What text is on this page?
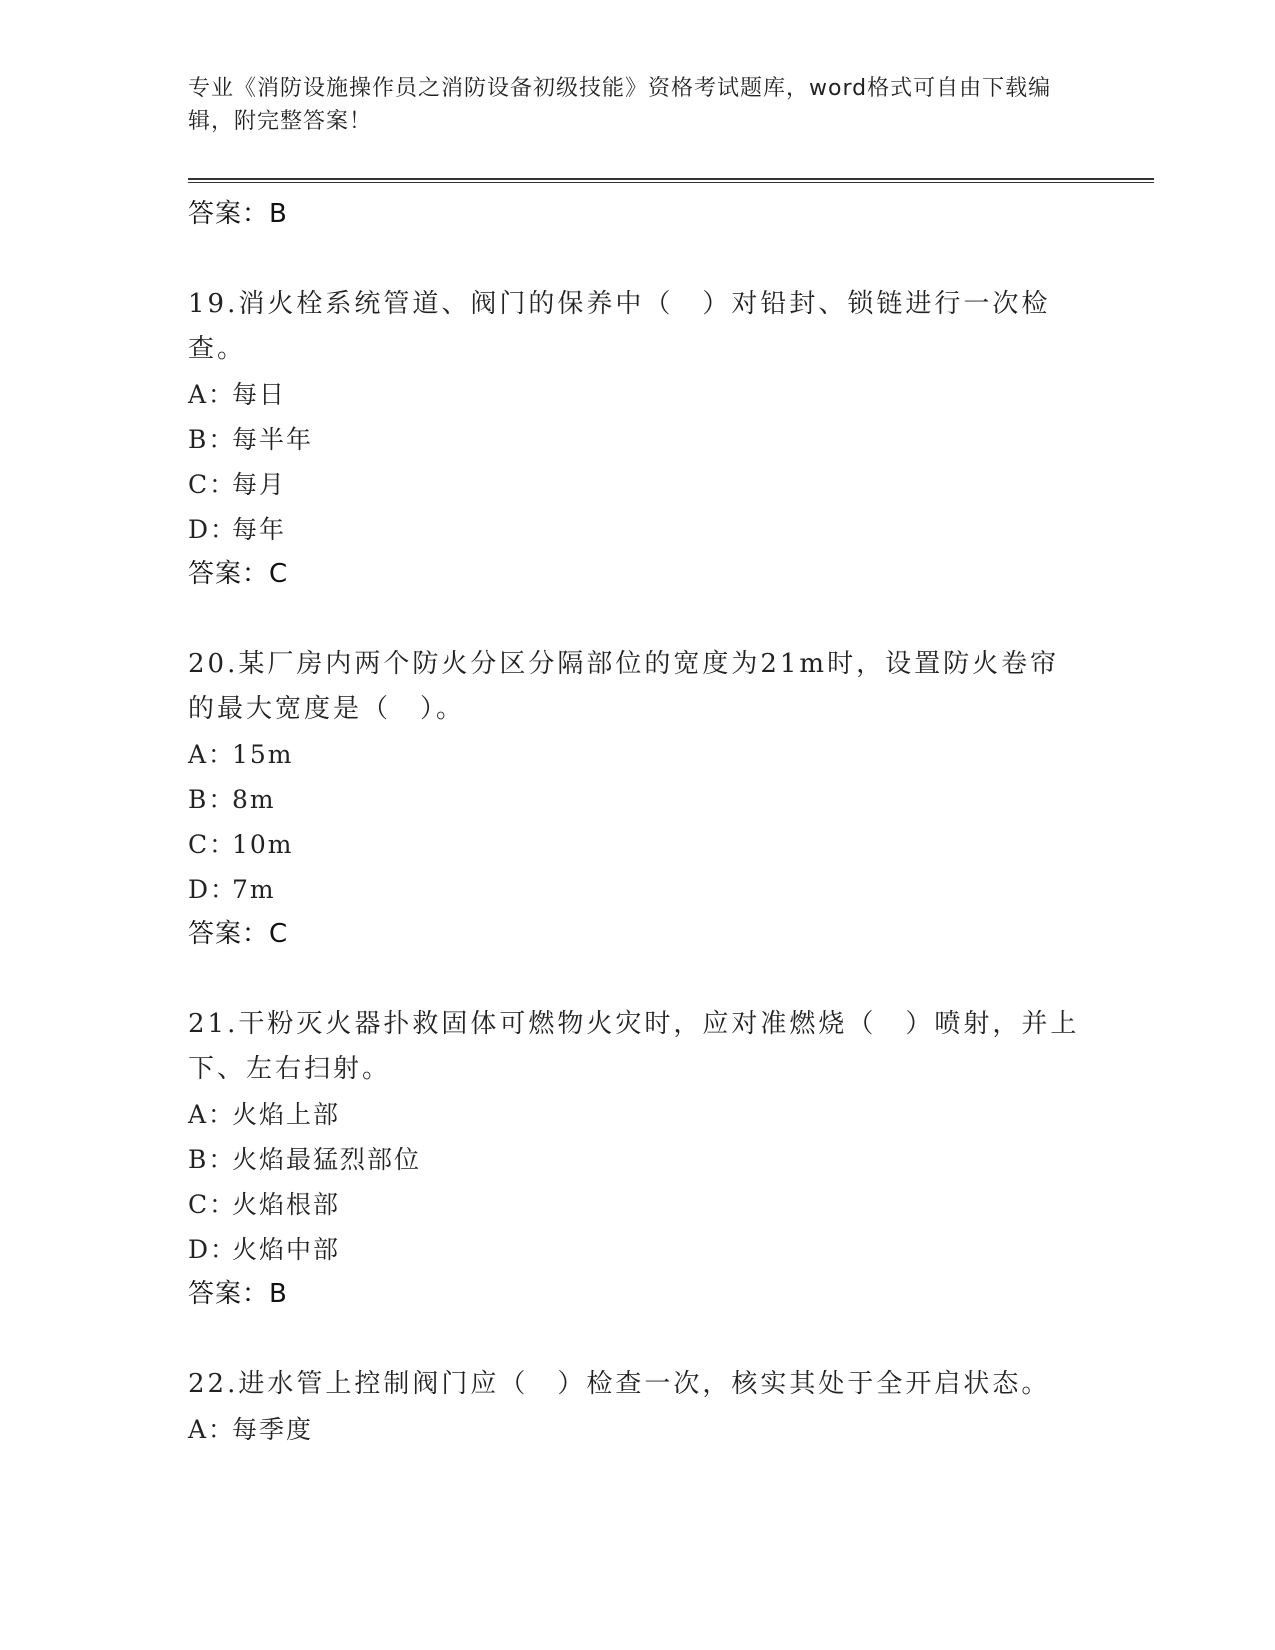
专业《消防设施操作员之消防设备初级技能》资格考试题库，word格式可自由下载编辑，附完整答案！
答案：B
19.消火栓系统管道、阀门的保养中（　）对铅封、锁链进行一次检查。
A：每日
B：每半年
C：每月
D：每年
答案：C
20.某厂房内两个防火分区分隔部位的宽度为21m时，设置防火卷帘的最大宽度是（　）。
A：15m
B：8m
C：10m
D：7m
答案：C
21.干粉灭火器扑救固体可燃物火灾时，应对准燃烧（　）喷射，并上下、左右扫射。
A：火焰上部
B：火焰最猛烈部位
C：火焰根部
D：火焰中部
答案：B
22.进水管上控制阀门应（　）检查一次，核实其处于全开启状态。
A：每季度
